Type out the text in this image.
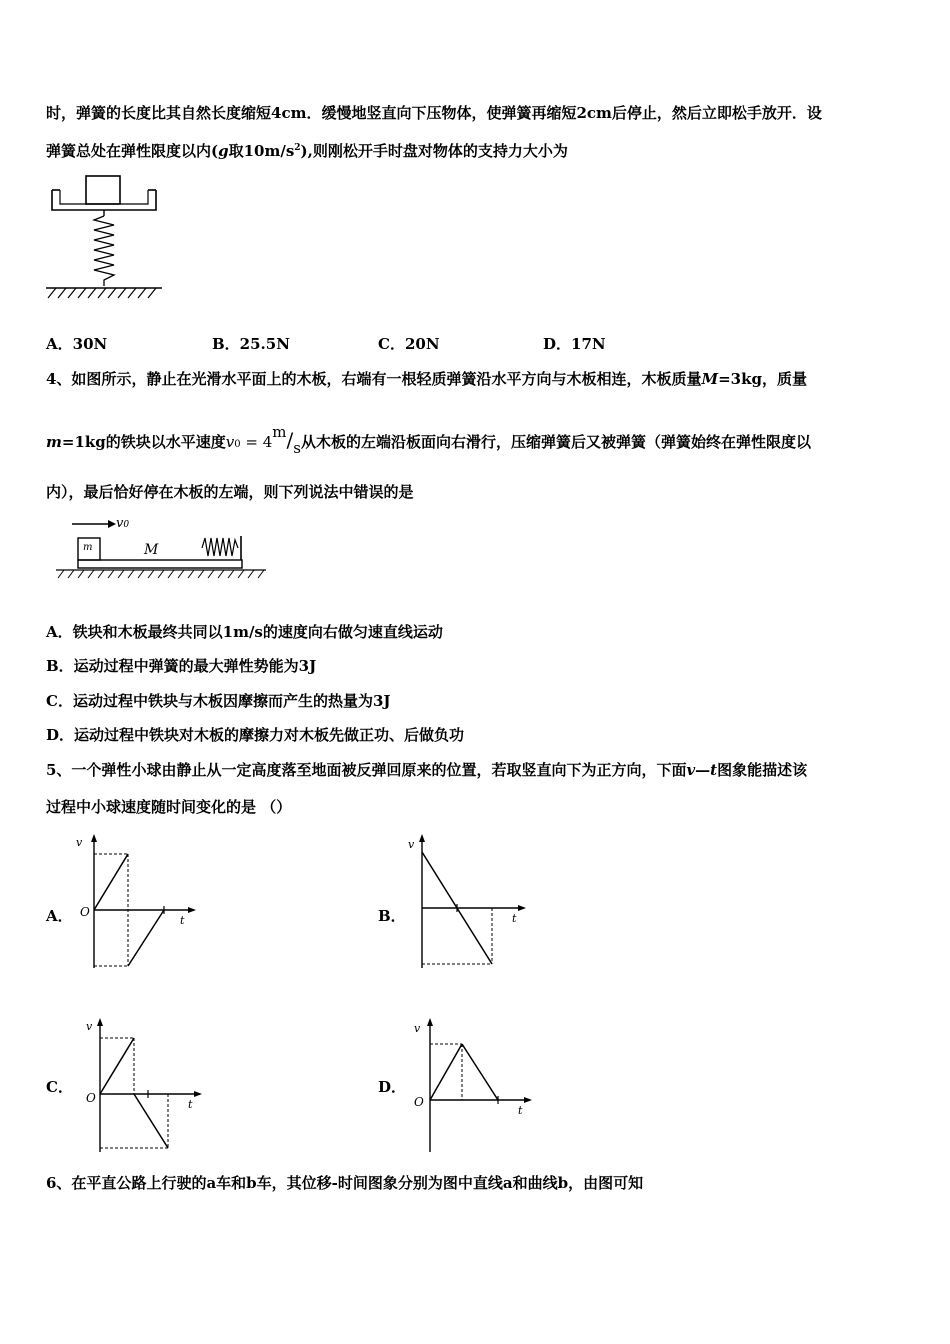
时，弹簧的长度比其自然长度缩短4cm．缓慢地竖直向下压物体，使弹簧再缩短2cm后停止，然后立即松手放开．设
弹簧总处在弹性限度以内(g取$10m/s^2$),则刚松开手时盘对物体的支持力大小为
A．30N	B．25.5N	C．20N	D．17N
4、如图所示，静止在光滑水平面上的木板，右端有一根轻质弹簧沿水平方向与木板相连，木板质量M=3kg，质量
m=1kg的铁块以水平速度v0 = 4m/s从木板的左端沿板面向右滑行，压缩弹簧后又被弹簧（弹簧始终在弹性限度以
内），最后恰好停在木板的左端，则下列说法中错误的是
v0
m	M
A．铁块和木板最终共同以1m/s的速度向右做匀速直线运动
B．运动过程中弹簧的最大弹性势能为3J
C．运动过程中铁块与木板因摩擦而产生的热量为3J
D．运动过程中铁块对木板的摩擦力对木板先做正功、后做负功
5、一个弹性小球由静止从一定高度落至地面被反弹回原来的位置，若取竖直向下为正方向，下面v—t图象能描述该
过程中小球速度随时间变化的是 （）
A．
v
t
O	B．
v
t
C．
v
t
O
D．
v
t
O
6、在平直公路上行驶的a车和b车，其位移-时间图象分别为图中直线a和曲线b，由图可知
